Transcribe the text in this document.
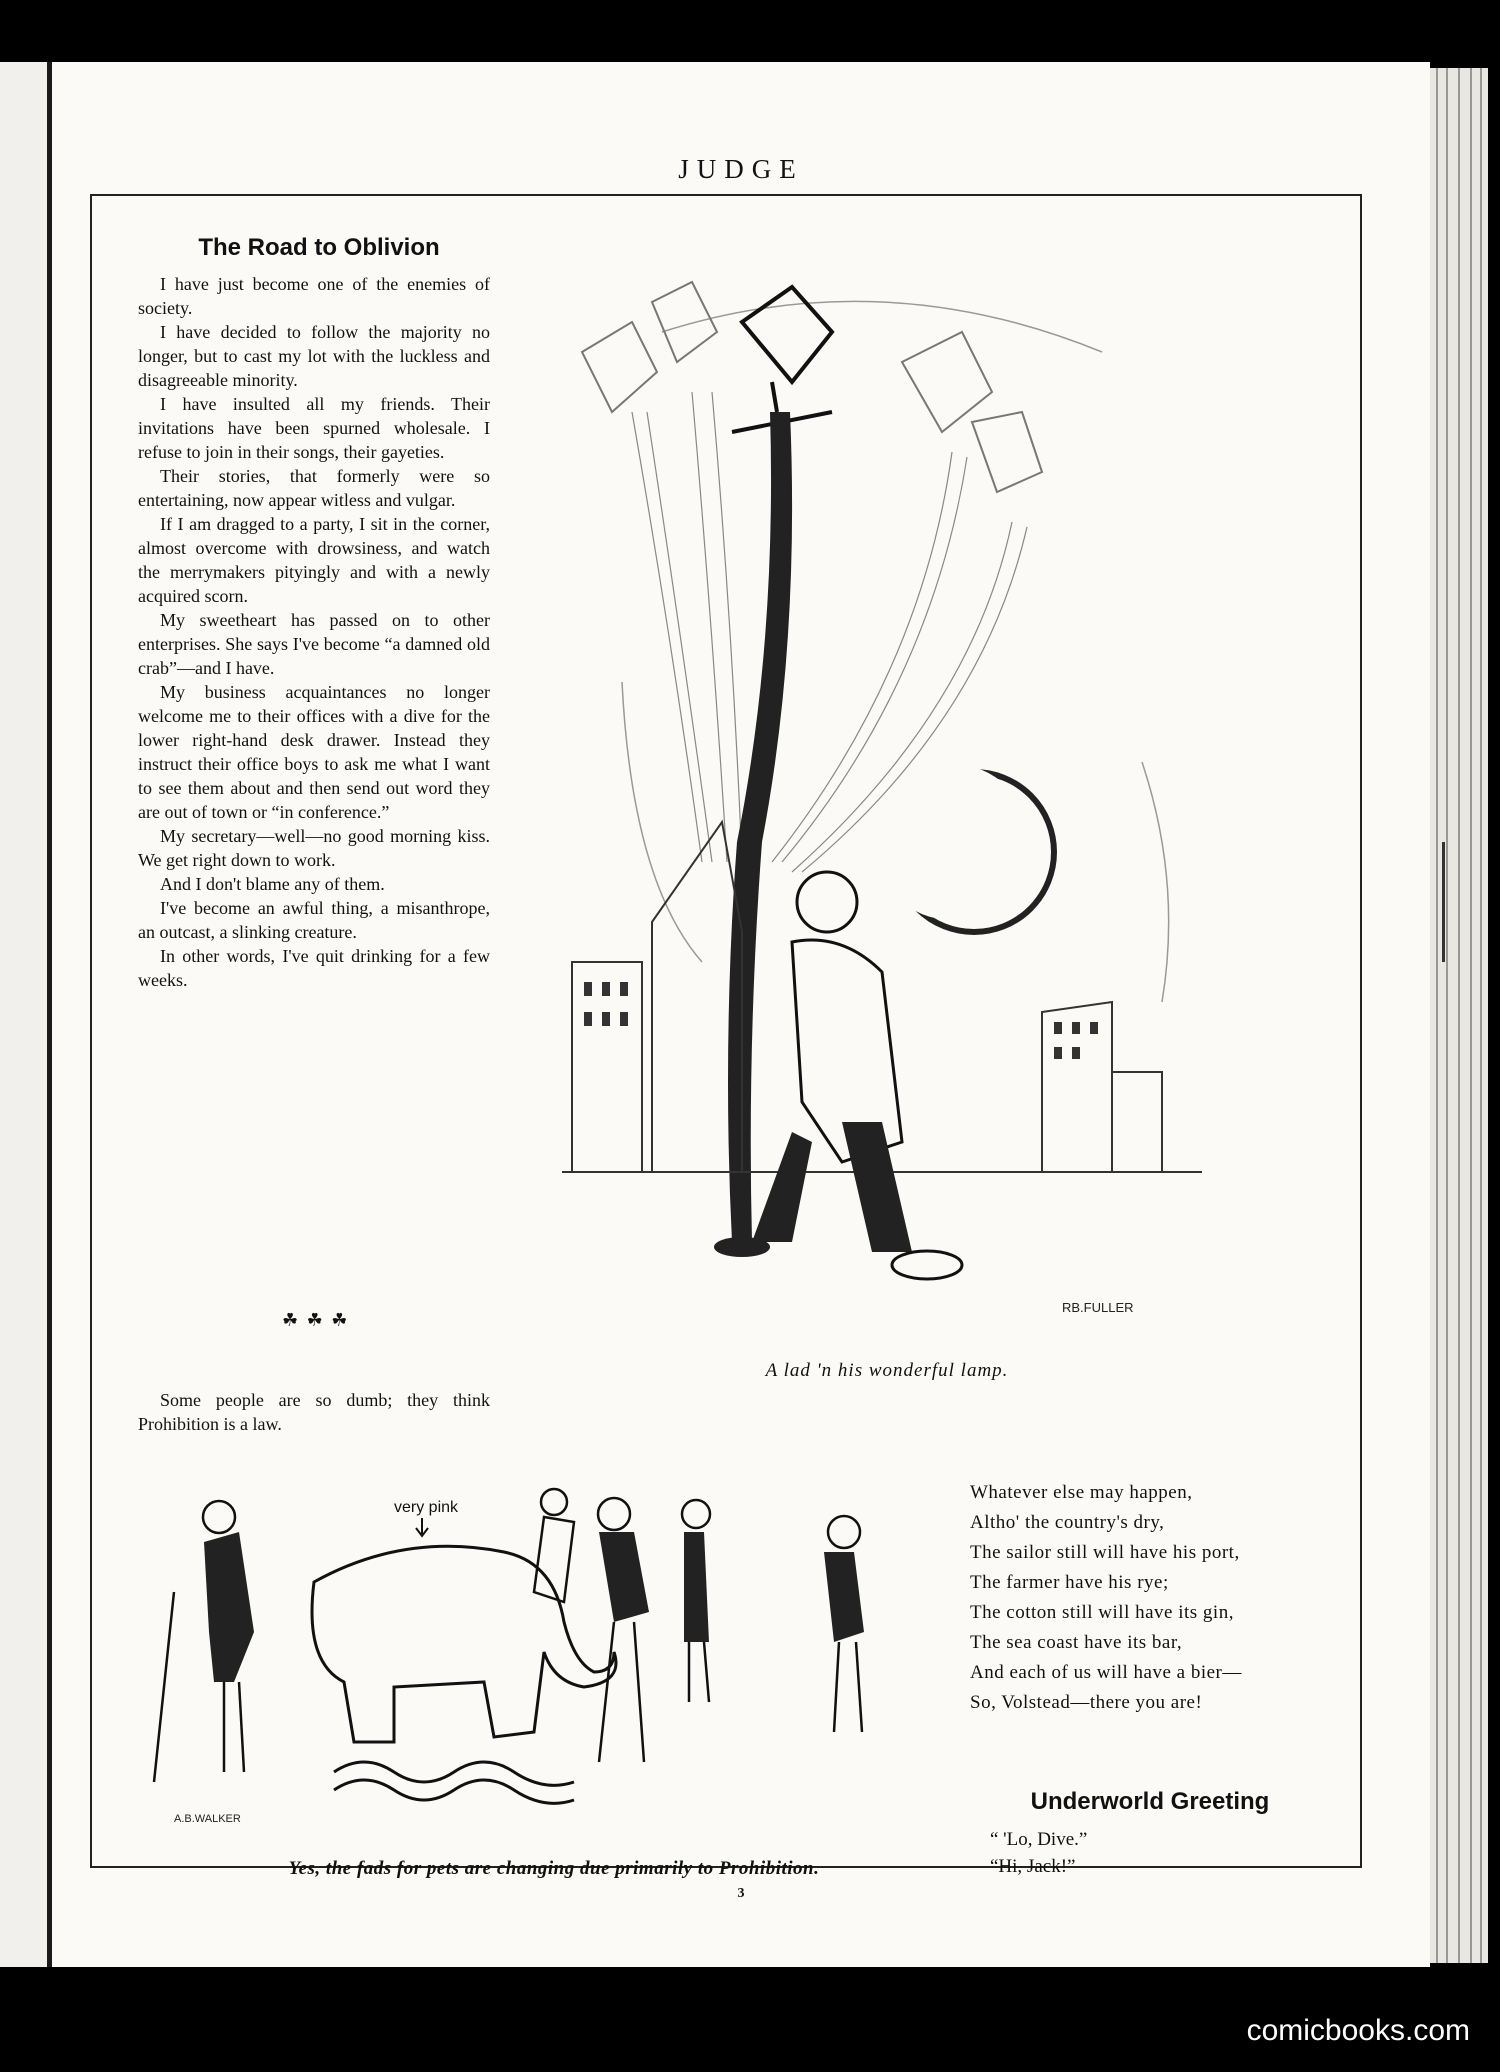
JUDGE
The Road to Oblivion

I have just become one of the enemies of society.

I have decided to follow the majority no longer, but to cast my lot with the luckless and disagreeable minority.

I have insulted all my friends. Their invitations have been spurned wholesale. I refuse to join in their songs, their gayeties.

Their stories, that formerly were so entertaining, now appear witless and vulgar.

If I am dragged to a party, I sit in the corner, almost overcome with drowsiness, and watch the merrymakers pityingly and with a newly acquired scorn.

My sweetheart has passed on to other enterprises. She says I've become “a damned old crab”—and I have.

My business acquaintances no longer welcome me to their offices with a dive for the lower right-hand desk drawer. Instead they instruct their office boys to ask me what I want to see them about and then send out word they are out of town or “in conference.”

My secretary—well—no good morning kiss. We get right down to work.

And I don't blame any of them.

I've become an awful thing, a misanthrope, an outcast, a slinking creature.

In other words, I've quit drinking for a few weeks.

☘ ☘ ☘

Some people are so dumb; they think Prohibition is a law.

RB.FULLER
A lad 'n his wonderful lamp.
very pink
A.B.WALKER
Yes, the fads for pets are changing due primarily to Prohibition.
Whatever else may happen,
Altho' the country's dry,
The sailor still will have his port,
The farmer have his rye;
The cotton still will have its gin,
The sea coast have its bar,
And each of us will have a bier—
So, Volstead—there you are!
Underworld Greeting
“ 'Lo, Dive.”
“Hi, Jack!”
3
comicbooks.com
